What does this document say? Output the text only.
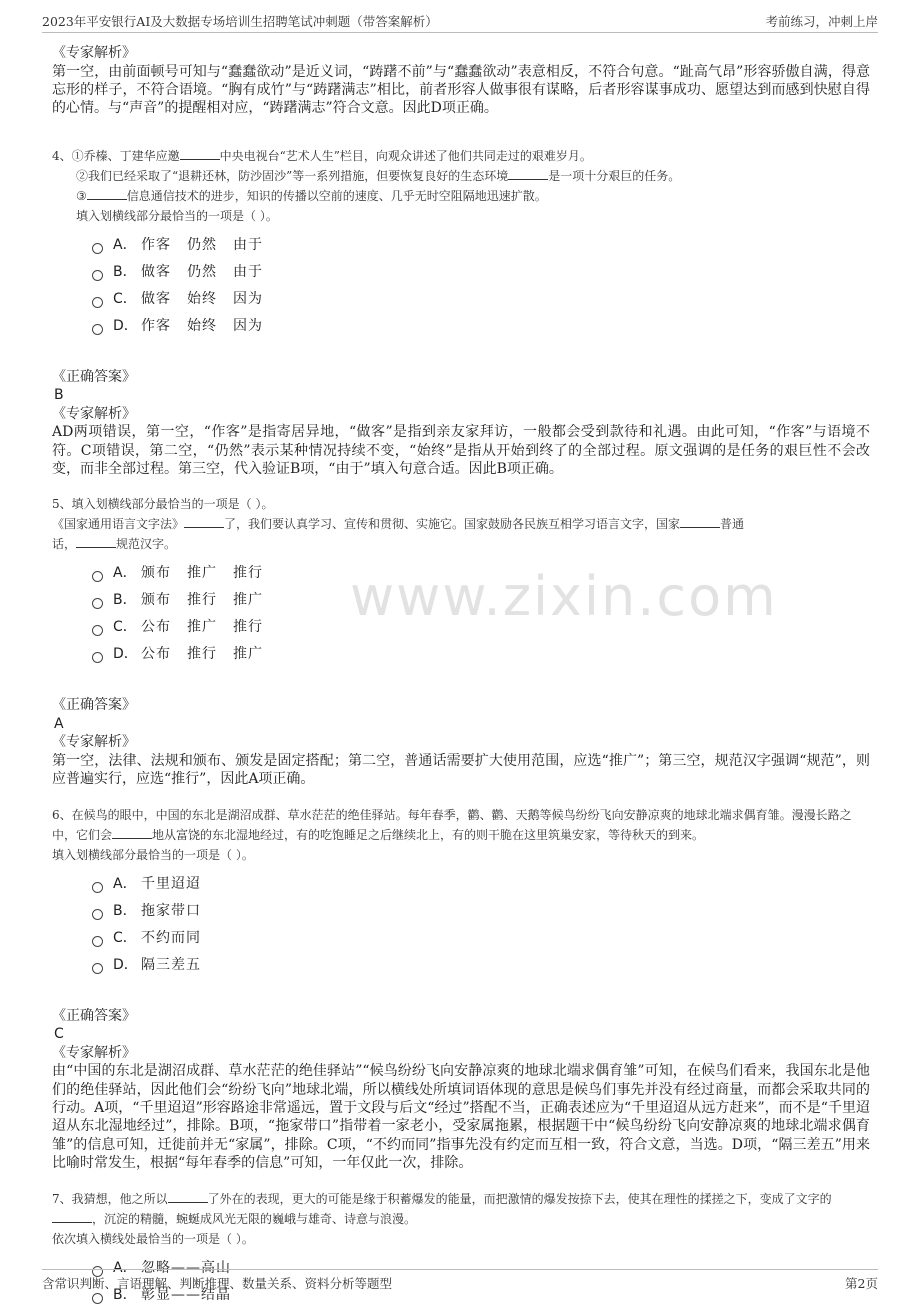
2023年平安银行AI及大数据专场培训生招聘笔试冲刺题（带答案解析）	考前练习，冲刺上岸
www.zixin.com

《专家解析》

第一空，由前面顿号可知与“蠢蠢欲动”是近义词，“踌躇不前”与“蠢蠢欲动”表意相反，不符合句意。“趾高气昂”形容骄傲自满，得意忘形的样子，不符合语境。“胸有成竹”与“踌躇满志”相比，前者形容人做事很有谋略，后者形容谋事成功、愿望达到而感到快慰自得的心情。与“声音”的提醒相对应，“踌躇满志”符合文意。因此D项正确。

4、①乔榛、丁建华应邀	中央电视台“艺术人生”栏目，向观众讲述了他们共同走过的艰难岁月。

②我们已经采取了“退耕还林，防沙固沙”等一系列措施，但要恢复良好的生态环境	是一项十分艰巨的任务。

③	信息通信技术的进步，知识的传播以空前的速度、几乎无时空阻隔地迅速扩散。

填入划横线部分最恰当的一项是（ ）。

A． 作客 仍然 由于
B． 做客 仍然 由于
C． 做客 始终 因为
D． 作客 始终 因为

《正确答案》

B

《专家解析》

AD两项错误，第一空，“作客”是指寄居异地，“做客”是指到亲友家拜访，一般都会受到款待和礼遇。由此可知，“作客”与语境不符。C项错误，第二空，“仍然”表示某种情况持续不变，“始终”是指从开始到终了的全部过程。原文强调的是任务的艰巨性不会改变，而非全部过程。第三空，代入验证B项，“由于”填入句意合适。因此B项正确。

5、填入划横线部分最恰当的一项是（ ）。

《国家通用语言文字法》	了，我们要认真学习、宣传和贯彻、实施它。国家鼓励各民族互相学习语言文字，国家	普通

话，	规范汉字。

A． 颁布 推广 推行
B． 颁布 推行 推广
C． 公布 推广 推行
D． 公布 推行 推广

《正确答案》

A

《专家解析》

第一空，法律、法规和颁布、颁发是固定搭配；第二空，普通话需要扩大使用范围，应选“推广”；第三空，规范汉字强调“规范”，则应普遍实行，应选“推行”，因此A项正确。

6、在候鸟的眼中，中国的东北是湖沼成群、草水茫茫的绝佳驿站。每年春季，鹳、鹳、天鹅等候鸟纷纷飞向安静凉爽的地球北端求偶育雏。漫漫长路之中，它们会	地从富饶的东北湿地经过，有的吃饱睡足之后继续北上，有的则干脆在这里筑巢安家，等待秋天的到来。

填入划横线部分最恰当的一项是（ ）。

A． 千里迢迢
B． 拖家带口
C． 不约而同
D． 隔三差五

《正确答案》

C

《专家解析》

由“中国的东北是湖沼成群、草水茫茫的绝佳驿站”“候鸟纷纷飞向安静凉爽的地球北端求偶育雏”可知，在候鸟们看来，我国东北是他们的绝佳驿站，因此他们会“纷纷飞向”地球北端，所以横线处所填词语体现的意思是候鸟们事先并没有经过商量，而都会采取共同的行动。A项，“千里迢迢”形容路途非常遥远，置于文段与后文“经过”搭配不当，正确表述应为“千里迢迢从远方赶来”，而不是“千里迢迢从东北湿地经过”，排除。B项，“拖家带口”指带着一家老小，受家属拖累，根据题干中“候鸟纷纷飞向安静凉爽的地球北端求偶育雏”的信息可知，迁徙前并无“家属”，排除。C项，“不约而同”指事先没有约定而互相一致，符合文意，当选。D项，“隔三差五”用来比喻时常发生，根据“每年春季的信息”可知，一年仅此一次，排除。

7、我猜想，他之所以	了外在的表现，更大的可能是缘于积蓄爆发的能量，而把激情的爆发按捺下去，使其在理性的揉搓之下，变成了文字的，沉淀的精髓，蜿蜒成风光无限的巍峨与雄奇、诗意与浪漫。

依次填入横线处最恰当的一项是（ ）。

A． 忽略——高山
B． 彰显——结晶
含常识判断、言语理解、判断推理、数量关系、资料分析等题型	第2页
